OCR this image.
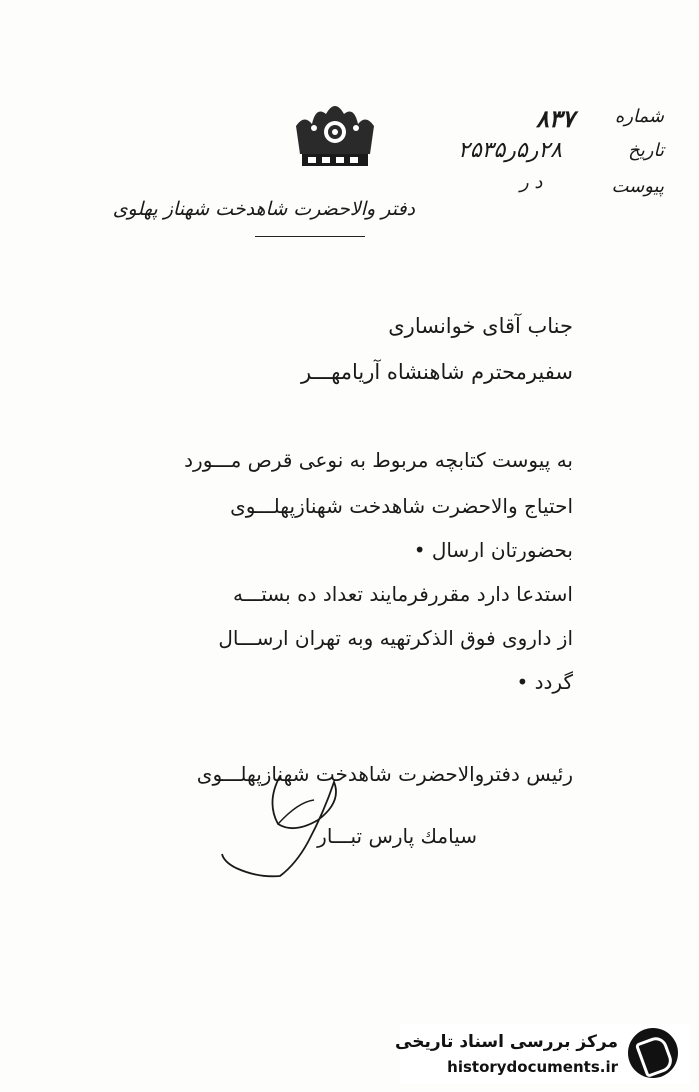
دفتر والاحضرت شاهدخت شهناز پهلوی
شماره
۸۳۷
تاریخ
۲۸ر۵ر۲۵۳۵
پیوست
د ر
جناب آقای خوانساری
سفیرمحترم شاهنشاه آریامهـــر
به پیوست کتابچه مربوط به نوعی قرص مـــورد
احتیاج والاحضرت شاهدخت شهنازپهلـــوی
بحضورتان ارسال •
استدعا دارد مقررفرمایند تعداد ده بستـــه
از داروی فوق الذکرتهیه وبه تهران ارســـال
گردد •
رئیس دفتروالاحضرت شاهدخت شهنازپهلـــوی
سیامك پارس تبـــار
مرکز بررسی اسناد تاریخی
historydocuments.ir
